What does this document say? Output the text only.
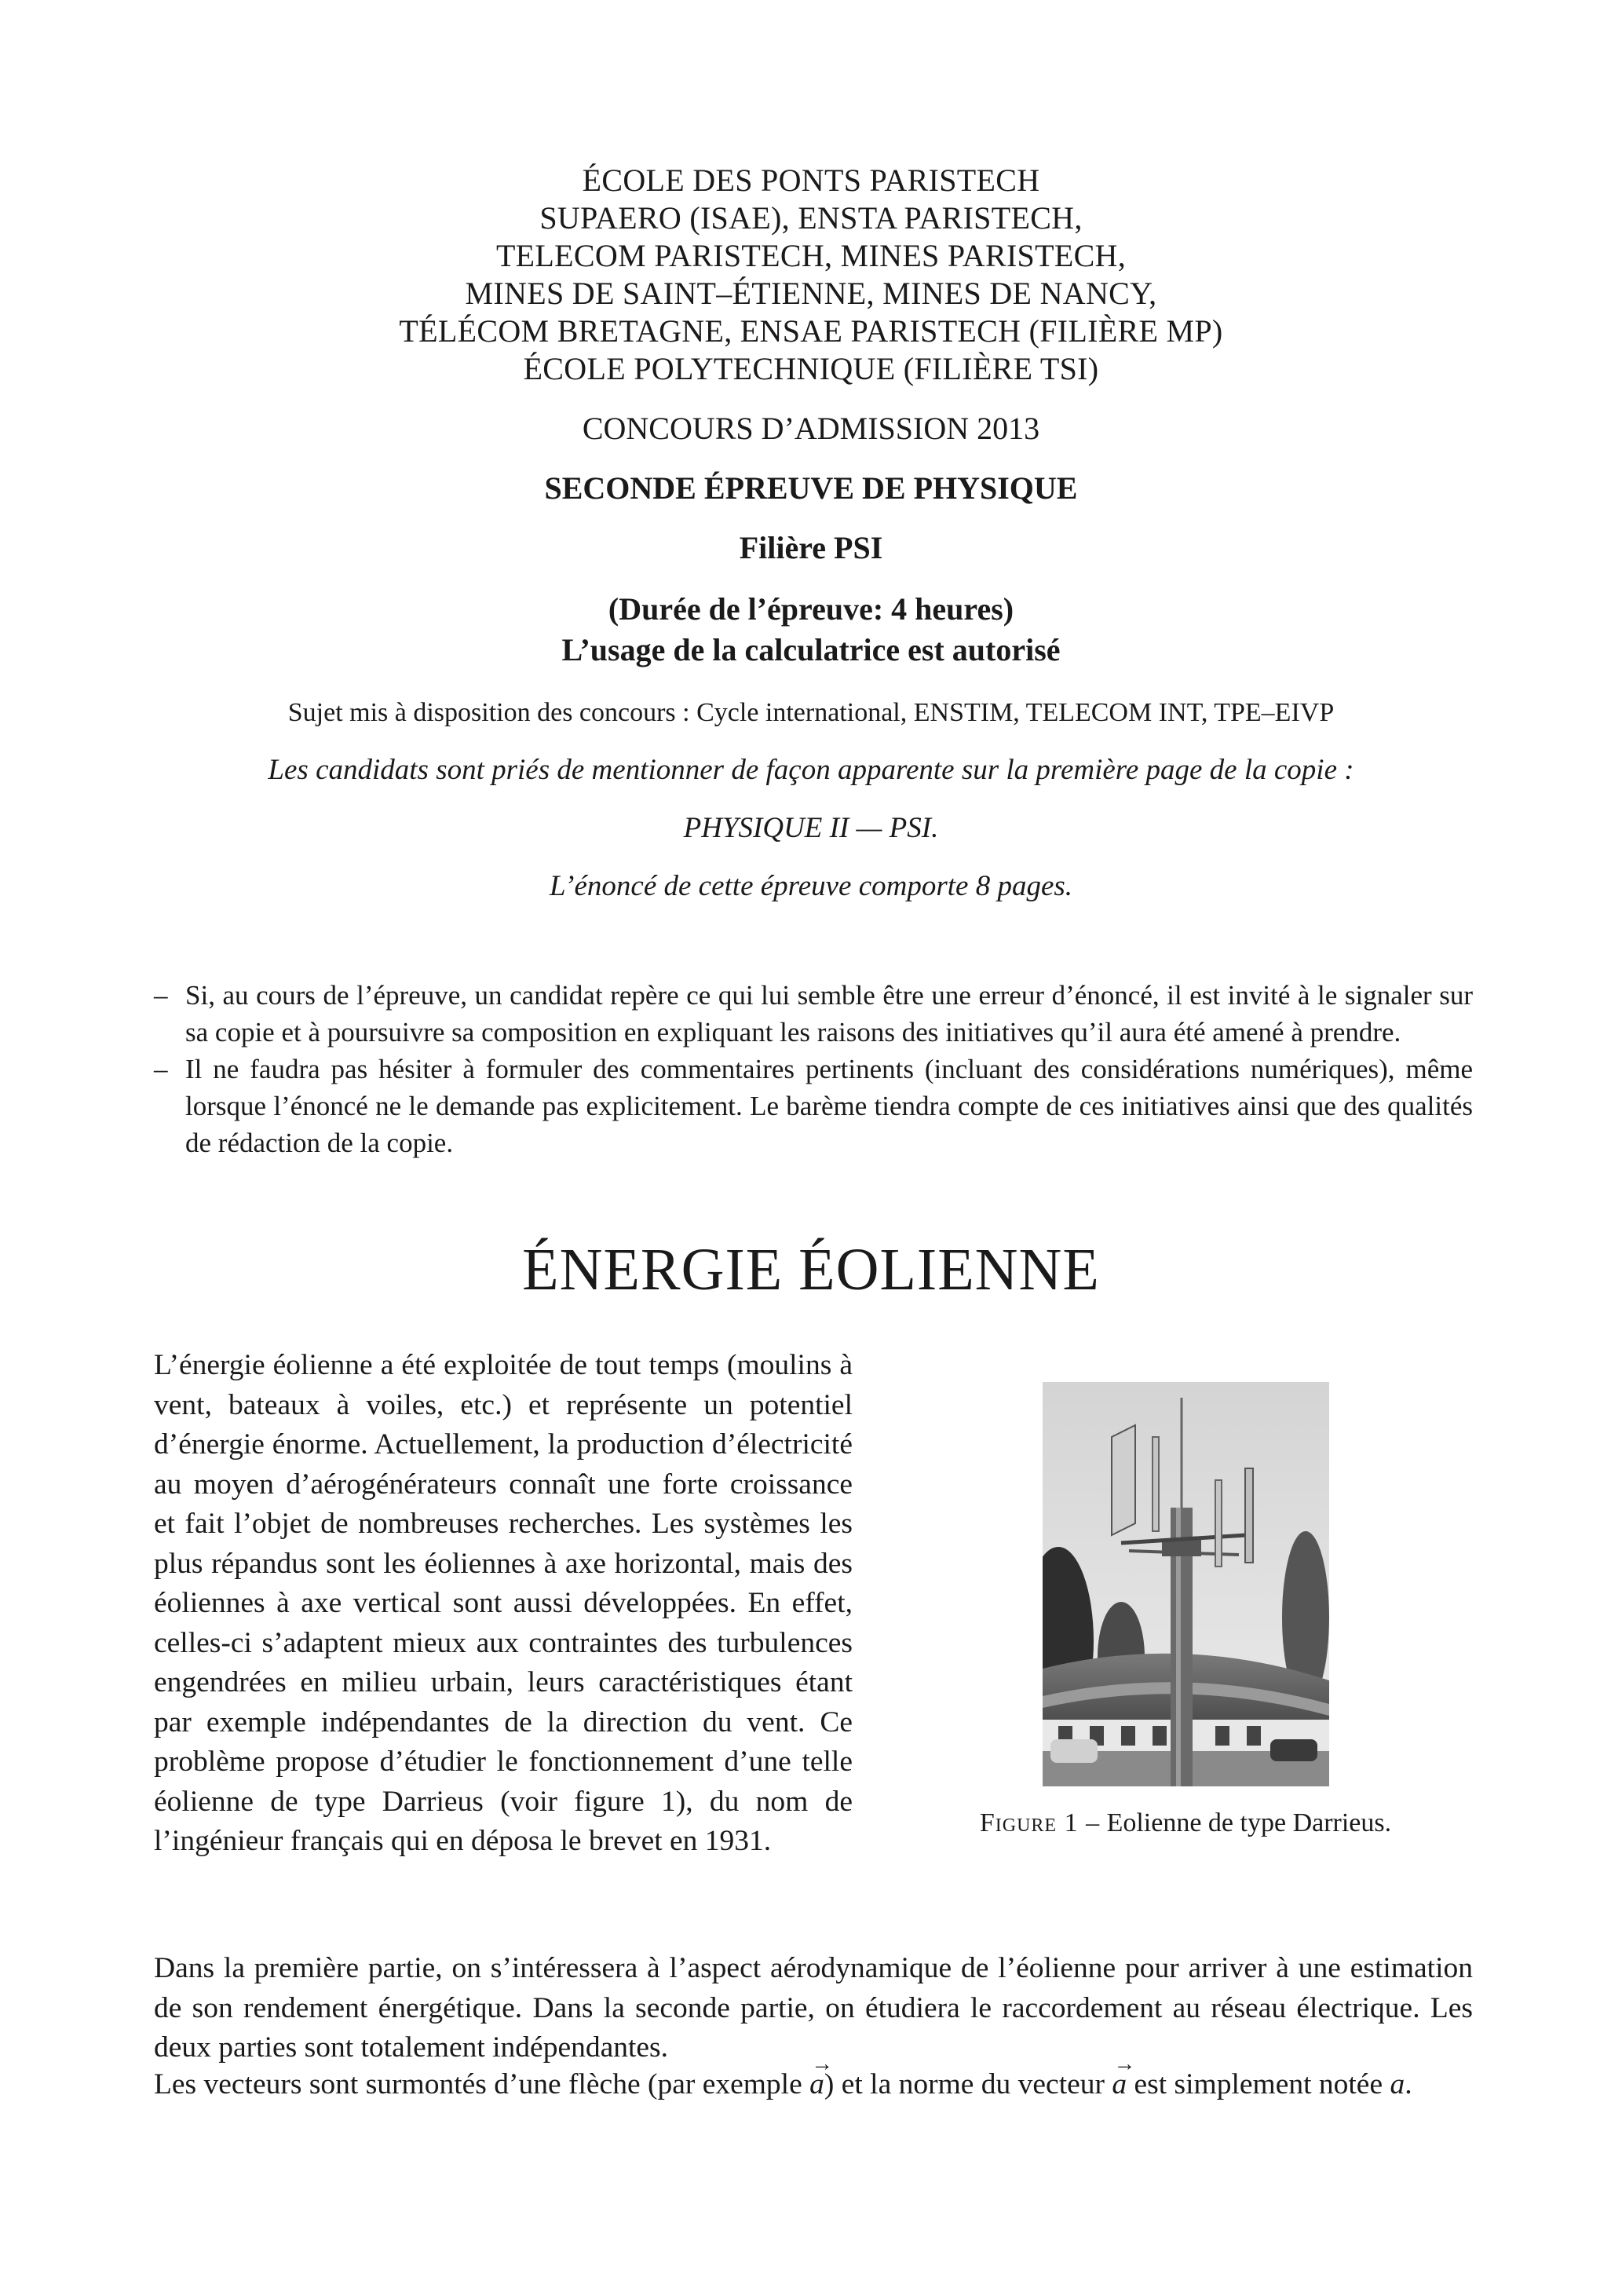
ÉCOLE DES PONTS PARISTECH
SUPAERO (ISAE), ENSTA PARISTECH,
TELECOM PARISTECH, MINES PARISTECH,
MINES DE SAINT–ÉTIENNE, MINES DE NANCY,
TÉLÉCOM BRETAGNE, ENSAE PARISTECH (FILIÈRE MP)
ÉCOLE POLYTECHNIQUE (FILIÈRE TSI)
CONCOURS D’ADMISSION 2013
SECONDE ÉPREUVE DE PHYSIQUE
Filière PSI
(Durée de l’épreuve: 4 heures)
L’usage de la calculatrice est autorisé
Sujet mis à disposition des concours : Cycle international, ENSTIM, TELECOM INT, TPE–EIVP
Les candidats sont priés de mentionner de façon apparente sur la première page de la copie :
PHYSIQUE II — PSI.
L’énoncé de cette épreuve comporte 8 pages.
– Si, au cours de l’épreuve, un candidat repère ce qui lui semble être une erreur d’énoncé, il est invité à le signaler sur sa copie et à poursuivre sa composition en expliquant les raisons des initiatives qu’il aura été amené à prendre.
– Il ne faudra pas hésiter à formuler des commentaires pertinents (incluant des considérations numériques), même lorsque l’énoncé ne le demande pas explicitement. Le barème tiendra compte de ces initiatives ainsi que des qualités de rédaction de la copie.
ÉNERGIE ÉOLIENNE
L’énergie éolienne a été exploitée de tout temps (moulins à vent, bateaux à voiles, etc.) et représente un potentiel d’énergie énorme. Actuellement, la production d’électricité au moyen d’aérogénérateurs connaît une forte croissance et fait l’objet de nombreuses recherches. Les systèmes les plus répandus sont les éoliennes à axe horizontal, mais des éoliennes à axe vertical sont aussi développées. En effet, celles-ci s’adaptent mieux aux contraintes des turbulences engendrées en milieu urbain, leurs caractéristiques étant par exemple indépendantes de la direction du vent. Ce problème propose d’étudier le fonctionnement d’une telle éolienne de type Darrieus (voir figure 1), du nom de l’ingénieur français qui en déposa le brevet en 1931.
Figure 1 – Eolienne de type Darrieus.
Dans la première partie, on s’intéressera à l’aspect aérodynamique de l’éolienne pour arriver à une estimation de son rendement énergétique. Dans la seconde partie, on étudiera le raccordement au réseau électrique. Les deux parties sont totalement indépendantes.
Les vecteurs sont surmontés d’une flèche (par exemple → a) et la norme du vecteur → a est simplement notée a.
